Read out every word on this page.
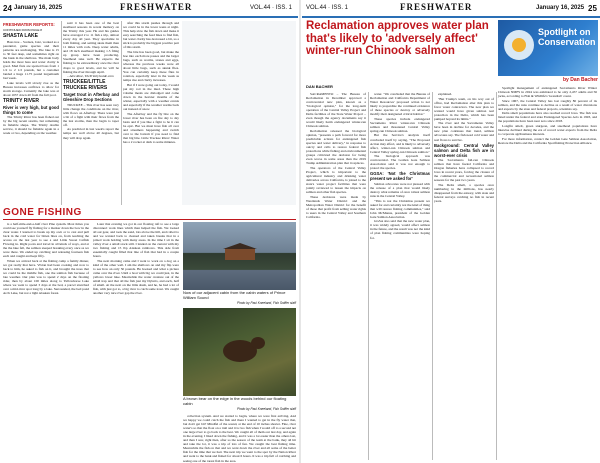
24 January 16, 2025	FRESHWATER	VOL.44 · ISS. 1 VOL.44 · ISS. 1	FRESHWATER	January 16, 2025 25
FRESHWATER REPORTS:
CONTINUED FROM PAGE 8
SHASTA LAKE

Bass tree – Sceleza, Jazz, worked as a perennial, game species and their patterns are unchanging. The lake is 15 to 30 feet deep, and sometimes right on the bank in the shallows. The main body holds the most bass and water clarity is good. Mud flats are spotted bass from 1 1/2 to 2 1/2 pounds, but a customer landed a huge 11.75 pound largemouth last week.

Lake levels will slowly rise as the Bureau increases outflows to allow for storm storage. Currently the lake was at about 1037 down 40 from the full pool.

TRINITY RIVER
River is very high, but good things to come

The Trinity River has been fished out by the big recent storms, but remaining in fishable shape. The Trinity double service, it should be fishable again in a week or two, depending on the weather.

said it has been one of the best steelhead seasons in recent memory on the Trinity this year. He and his guides have averaged 2 to 11 fish a trip, almost every day all year. They specialize in both fishing, and setting skate them then 11 miles with rock. Deep water adults, and 18 inch steelhead making 1.5 filing up group have been producing. Steelhead take well. He expects the fishing to be extraordinary once the river drops to good levels, and he will be fishing the river through April.

– Alex Rose, TheTrinityGuide.com

TRUCKEE/LITTLE TRUCKEE RIVERS
Target trout in Afterbay and Glenshire Drop Sections

TRUCKEE – This river has seen very little change the conditions on the river, with flows on Afterbay. There were just a bit of a fight with their flows from the the last storms, then the begin to taper off.

As predicted in last week's report the temps are well above 40 degrees, but they will drop again.

after this storm pushes through and we could be in the lower teens at night. This help slow the fish down and make it easy searching the feed lines to find fish, but water clarity has decreased a bit, so a stick is probably the biggest positive part of this storm.

The bite has been good, but make the hoe into each more passes and the larger bugs, such as worms, stones and eggs, whereas the previous weeks were all about little bugs, such as skunk flies. You can certainly keep these flies in rotation, especially later in the week as temps rise and clarity increases.

But if I were going out today, I would put my rod in the mud. These high volume meals are dislodged and come down in the heavier months of the winter, especially with a weather events and especially if the weather warms back out instead of snow.

The Afterbay and the fly bite on the lower river has been on fire day to day basis and if you like a fight to be it can be epic. But we must have fish all over and streamers happening and switch over to the bottom if you need to find that big bite. Little Truckee River: Water has a 2 rocket at dark to some minutes.

GONE FISHING

is a half-mile-and-a-half river Pine system. Most times you could see yourself fly fishing for a marker down the bow in the clear water. I learned to break up my own or to cast and pull back in the cold water for bitten bites on, from teaching the access on the last year to see a and Little Sweet Catfish Flowing in. Right pools and travel in all kinds of ways, and at the the lake fell, the salmon steeped breaking every once as we were there. We ended up catching and releasing fourteen fish each and caught and kept fifty.

When we arrived back at the fishing camp a family dinner, we got really that have. Vivian had been cooking and now to back to him, he asked to fish on it, and brought the trees that we could be the middle fish, one the salmon fish because of late weather. Our plan was to spend 2 days on the floating rider, then by about 100 miles along to Yellowhorse Lake where we went to spend 3 days at the bed, a parcel stretched over a mid-river spot long by a lake. Surrounded, the bed pond Arch Lake, but not a light Alaskan forest.

Later that evening we got in our floating raft to see a large disconnect work lines which then helped the fish. We looked all our gear, and took the sand, lots above the hill, and rolled to and we wanted back to cleaned and taken breaks that in a prized work holding with many areas. In the time I sit in the valley river a small stock still. I landed on the current with my two fishing and 15 lbp Alaskan rainbows. This side from essentially caught filled that line of fish that had in a couple hours.

The next morning came and I went to work on a dog on a kind of the other well. I am the shallows on and my flip were to see how an only 50 pounds. He hooked and what a picture came over the river. Until a boat with big we could just, in the yellows lower lake. Meanwhile the water creature out of the small trap and that all the fish just my Dylan's, and each, half of small. At the next on the little slush, and he, he had a lot of fish, with just got to, a big river to catch some trout. We caught another very nice river gap the river.	Now of our adjacent cabin from the cabin waters of Prince William Sound
Photo by Paul Kneeland, Fish Sniffer staff
A brown bear on the edge in the woods behind our floating cabin
Photo by Paul Kneeland, Fish Sniffer staff

collection system. And we started to begin, where we were first arriving. And we happy we could catch the fish and there I wanted to get in the fly water that, but don't get bit? Mindful of the sound, at the end of 10 inches shorter. Fine, river water's so that the float on a trail and it is two fish when I would off to a second net one large river to go back to the best. We caught all of them our last day, and again in the evening. I liked down the fishing, and it was a lot easier than the others last, and then I saw, right then, after so the season of the team at the bank, they all hit and take the lot, it was a trip of lots of fun. We caught the best fishing time. Meanwhile the fish on that and we went down the river and all some of the better fish for the time that we had. The next trip we went to the spot by the Nation River and went to the bank and fished for about 6 hours. It was a trip full of catching and seeing one of the rarest fish in the area.

Reclamation approves water plan that's likely to 'adversely affect' winter-run Chinook salmon
DAN BACHER
Spotlight on Conservation
by Dan Bacher

SACRAMENTO – The Bureau of Reclamation in December approved a controversial new plan, known as a "biological opinion," for the long-term operation of the Central Valley Project and Delta facilities of the State Water Project – even though the agency documents say it would likely harm endangered winter-run Chinook salmon.

Reclamation released the biological opinion, "presents a path forward for more predictable actions for endangered fish species and water delivery," in response to outcry and calls to restore federal fish protections while fishing and environmental groups criticized the decision for being even worse in some areas than the 2019 Trump Administration plan that it replaces.

The operators of the Central Valley Project, which is important to the agricultural industry and drinking water deliveries across California, is joined to the state's water project facilities that were jointly reviewed to lessen the impacts on salmon and other fish species.

These decisions were made by Westlands Water District and the Metropolitan Water District for the benefit of those that profit from selling water rights to users in the Central Valley and Southern California.

water. "We concluded that the Bureau of Reclamation and California Department of Water Resources' proposed action is not likely to jeopardize the continued existence of these species or destroy or adversely modify their designated critical habitat."

These species include endangered Sacramento River winter-run Chinook salmon and threatened Central Valley spring-run Chinook salmon.

But the Service's analysis itself concluded itself by saying, "The Proposed Action may affect, and is likely to adversely affect, winter-run Chinook salmon and Central Valley spring-run Chinook salmon."

The biological approach was controversial. The Golden Gate Salmon Association said it was not enough to protect the species.

GGSA: 'Not the Christmas present we asked for'

Salmon advocates were not pleased with the release of a plan that would likely destroy what remains of once robust salmon runs in the Central Valley.

"This is not the Christmas present we asked for and certainly not the kind of thing that will restore fishing communities," said John McManus, president of the Golden Gate Salmon Association.

GGSA also said that the new water plan, it was widely agreed, would affect salmon in the future, and the result was not the kind of plan fishing communities were hoping for.

explained.

"But Trump's team, on his way out of office, had Reclamation alter this plan to favor water contractors. The new plan we wanted would have given salmon real protection in the Delta, which has been pumped beyond its limits."

The river and the Sacramento Valley have been in decline for decades, and the new plan continues that trend, salmon advocates say. The fish need cold water and real flows to survive.

Background: Central Valley salmon and Delta fish are in worst-ever crisis

The Sacramento fall-run Chinook salmon that have fueled California and Oregon fisheries have collapsed to record lows in recent years, forcing the closure of the commercial and recreational salmon seasons for the past two years.

The Delta smelt, a species once numbering in the millions, has nearly disappeared from the estuary, with state and federal surveys catching no fish in recent years.

Spotlight management of endangered Sacramento River Winter Chinook NMFS in 2024 was estimated to be only 2,457 adults and 56 jacks, according to Fish & Wildlife's 'Grandtab' count.

Since 1967, the Central Valley has lost roughly 80 percent of its salmon, and the runs continue to decline as a result of water diversions and exports by the state and federal projects, scientists say.

Delta smelt populations have also reached record lows. The fish was listed under the federal and state Endangered Species Acts in 1993, and the populations have been near zero since 2018.

Longfin smelt, green sturgeon, and steelhead populations have likewise declined during the era of record water exports from the Delta to corporate agribusiness interests.

For more information, contact the Golden Gate Salmon Association, Restore the Delta and the California Sportfishing Protection Alliance.
